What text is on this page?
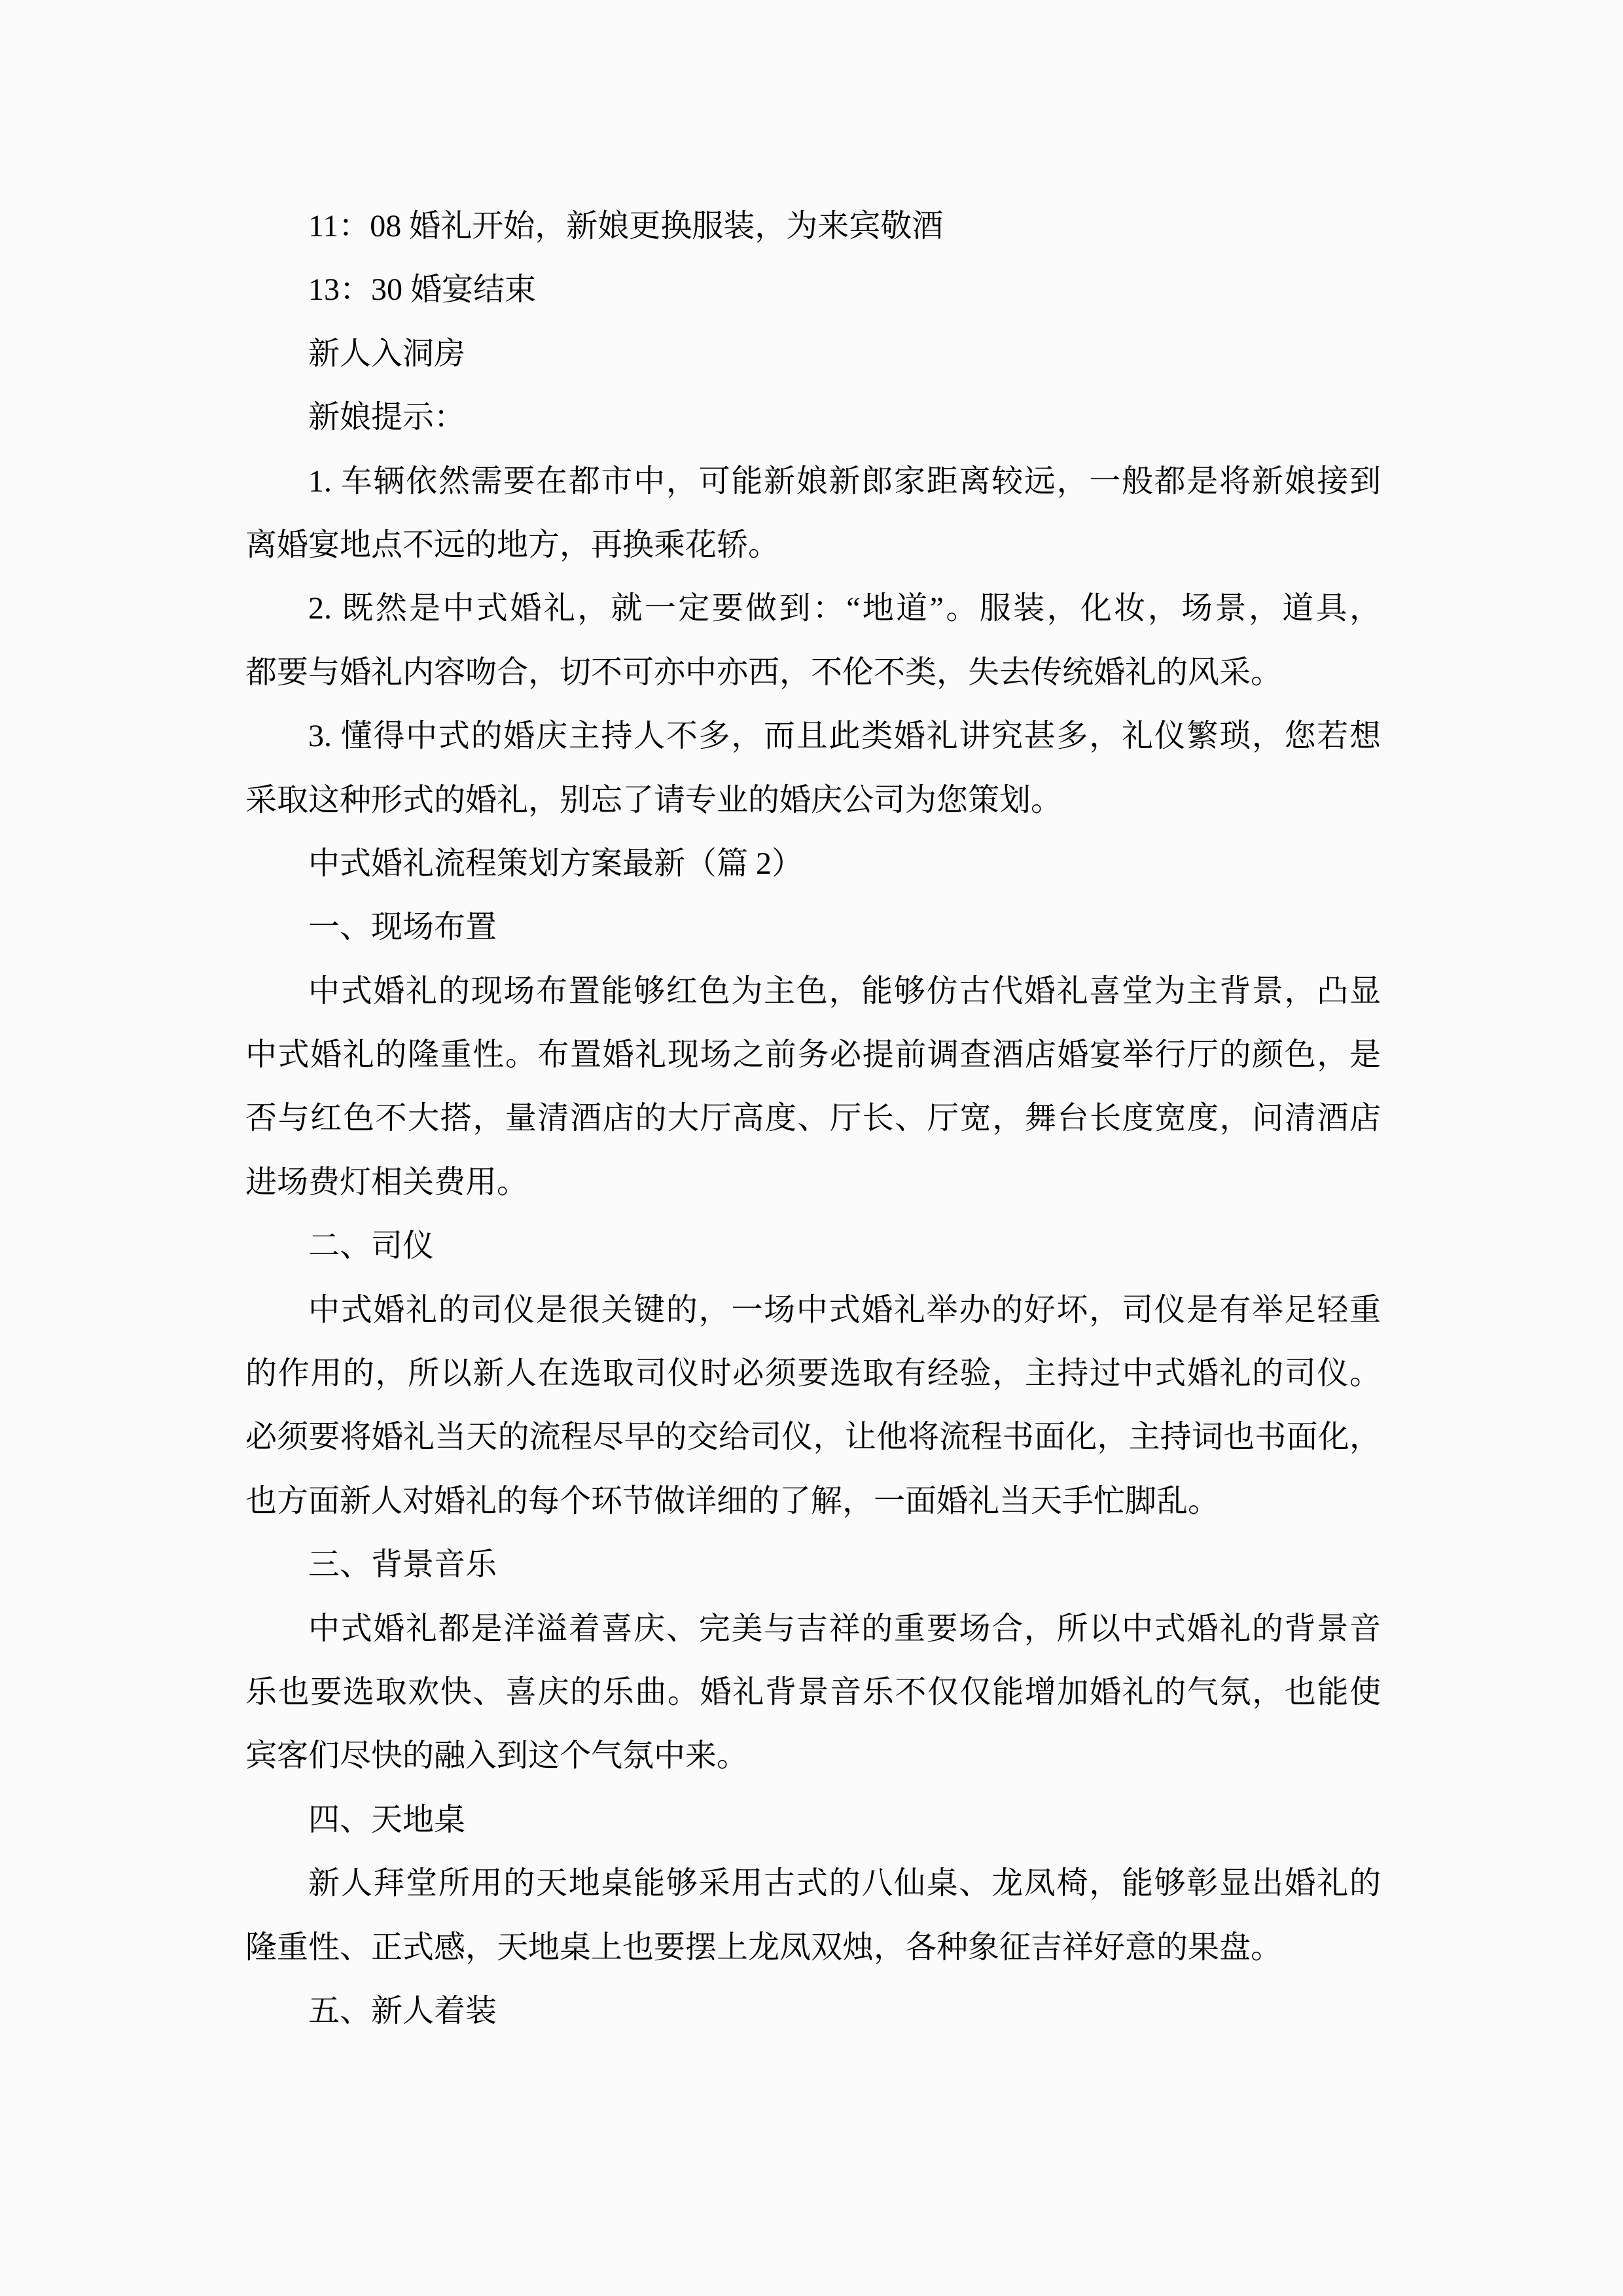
11：08 婚礼开始，新娘更换服装，为来宾敬酒
13：30 婚宴结束
新人入洞房
新娘提示：
1. 车辆依然需要在都市中，可能新娘新郎家距离较远，一般都是将新娘接到
离婚宴地点不远的地方，再换乘花轿。
2. 既然是中式婚礼，就一定要做到：“地道”。服装，化妆，场景，道具，
都要与婚礼内容吻合，切不可亦中亦西，不伦不类，失去传统婚礼的风采。
3. 懂得中式的婚庆主持人不多，而且此类婚礼讲究甚多，礼仪繁琐，您若想
采取这种形式的婚礼，别忘了请专业的婚庆公司为您策划。
中式婚礼流程策划方案最新（篇 2）
一、现场布置
中式婚礼的现场布置能够红色为主色，能够仿古代婚礼喜堂为主背景，凸显
中式婚礼的隆重性。布置婚礼现场之前务必提前调查酒店婚宴举行厅的颜色，是
否与红色不大搭，量清酒店的大厅高度、厅长、厅宽，舞台长度宽度，问清酒店
进场费灯相关费用。
二、司仪
中式婚礼的司仪是很关键的，一场中式婚礼举办的好坏，司仪是有举足轻重
的作用的，所以新人在选取司仪时必须要选取有经验，主持过中式婚礼的司仪。
必须要将婚礼当天的流程尽早的交给司仪，让他将流程书面化，主持词也书面化，
也方面新人对婚礼的每个环节做详细的了解，一面婚礼当天手忙脚乱。
三、背景音乐
中式婚礼都是洋溢着喜庆、完美与吉祥的重要场合，所以中式婚礼的背景音
乐也要选取欢快、喜庆的乐曲。婚礼背景音乐不仅仅能增加婚礼的气氛，也能使
宾客们尽快的融入到这个气氛中来。
四、天地桌
新人拜堂所用的天地桌能够采用古式的八仙桌、龙凤椅，能够彰显出婚礼的
隆重性、正式感，天地桌上也要摆上龙凤双烛，各种象征吉祥好意的果盘。
五、新人着装
